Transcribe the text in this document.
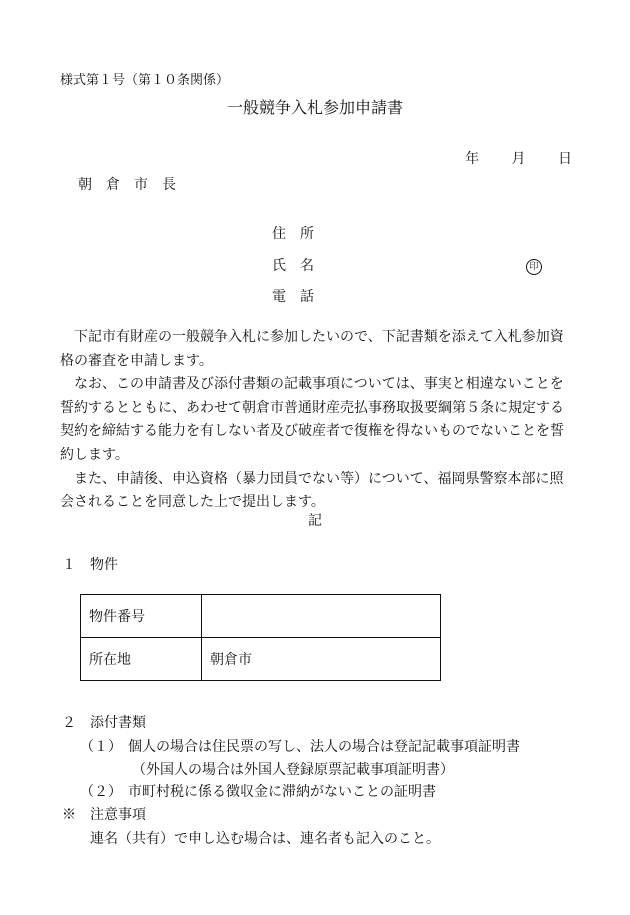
様式第１号（第１０条関係）
一般競争入札参加申請書
年 月 日
朝倉市長
住所
氏名	印
電話

下記市有財産の一般競争入札に参加したいので、下記書類を添えて入札参加資格の審査を申請します。

なお、この申請書及び添付書類の記載事項については、事実と相違ないことを誓約するとともに、あわせて朝倉市普通財産売払事務取扱要綱第５条に規定する契約を締結する能力を有しない者及び破産者で復権を得ないものでないことを誓約します。

また、申請後、申込資格（暴力団員でない等）について、福岡県警察本部に照会されることを同意した上で提出します。

記
１　物件
物件番号	
所在地	朝倉市
２　添付書類
（１） 個人の場合は住民票の写し、法人の場合は登記記載事項証明書
（外国人の場合は外国人登録原票記載事項証明書）
（２） 市町村税に係る徴収金に滞納がないことの証明書
※　注意事項
連名（共有）で申し込む場合は、連名者も記入のこと。
